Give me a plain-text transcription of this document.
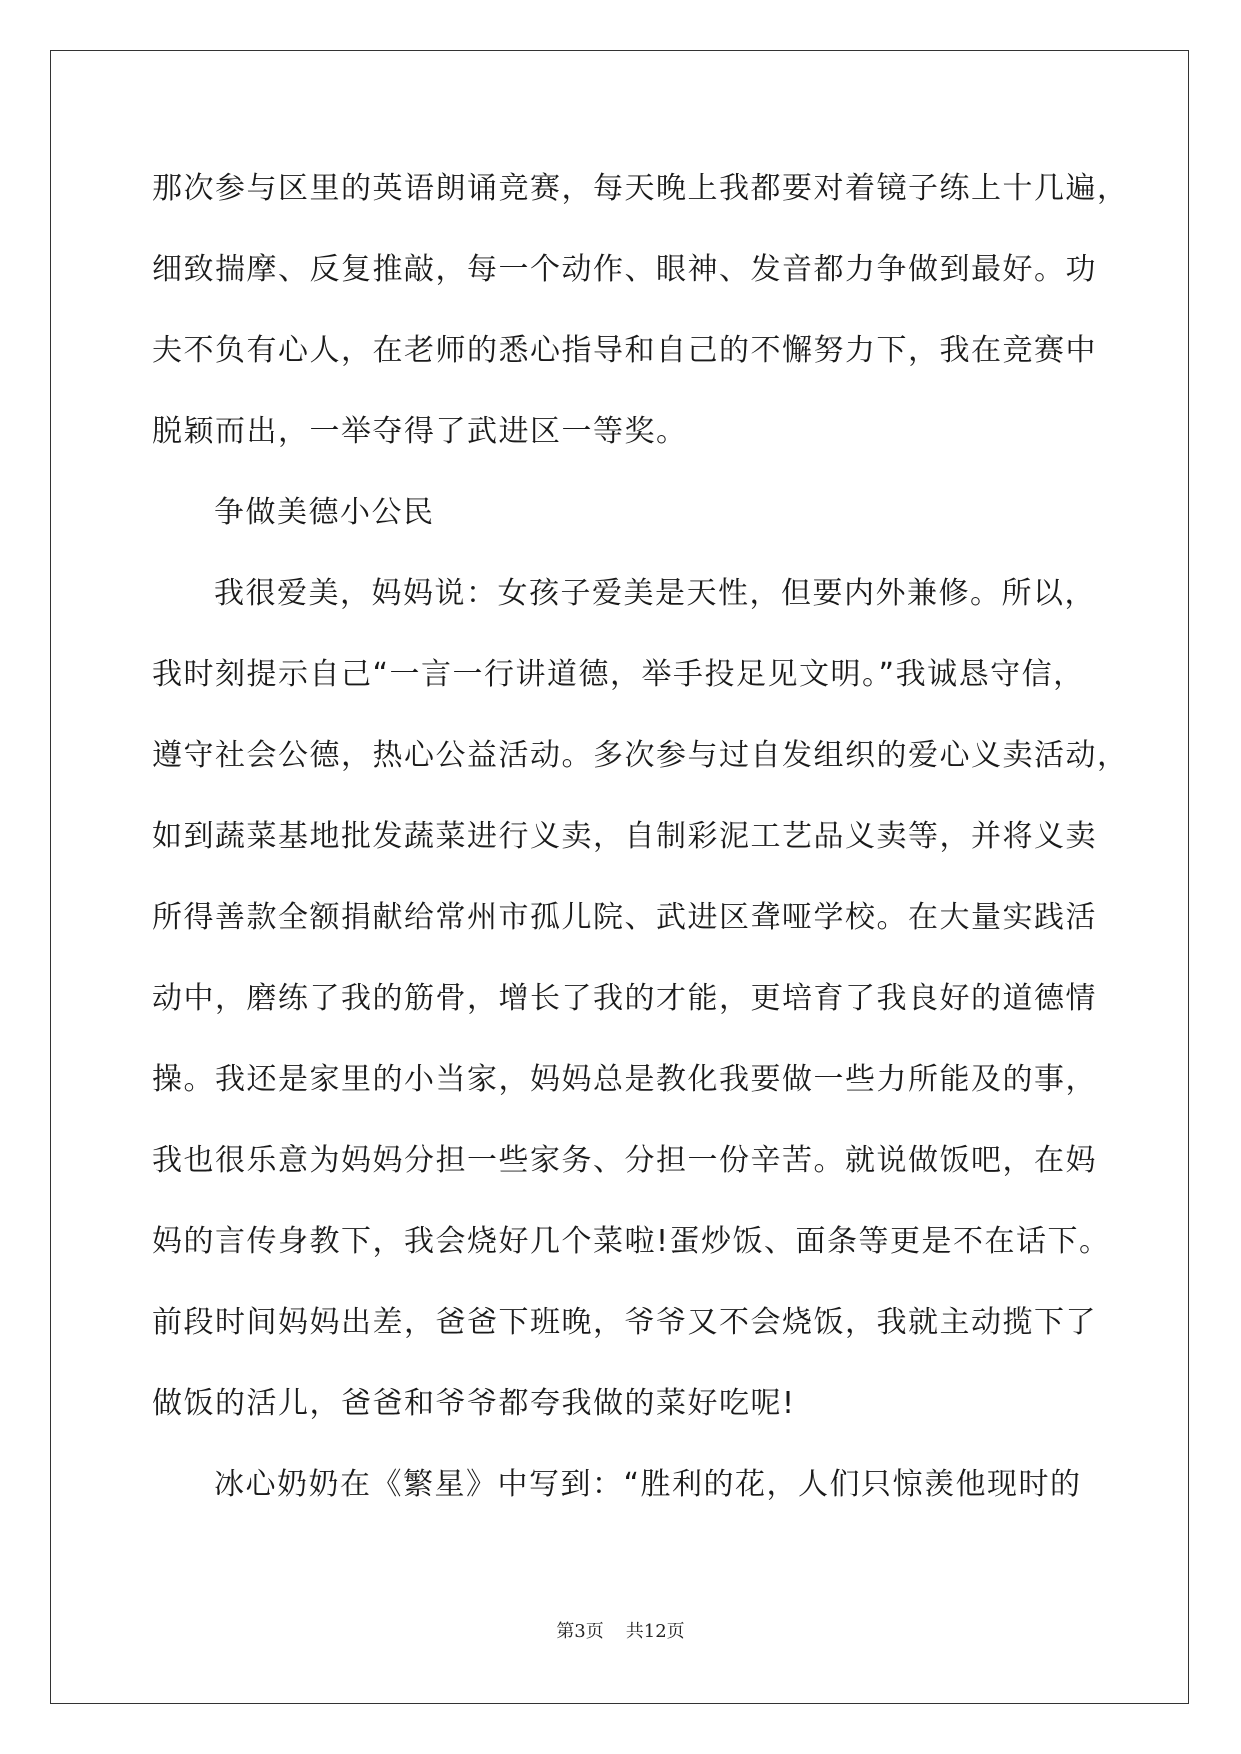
那次参与区里的英语朗诵竞赛，每天晚上我都要对着镜子练上十几遍，
细致揣摩、反复推敲，每一个动作、眼神、发音都力争做到最好。功
夫不负有心人，在老师的悉心指导和自己的不懈努力下，我在竞赛中
脱颖而出，一举夺得了武进区一等奖。
争做美德小公民
我很爱美，妈妈说：女孩子爱美是天性，但要内外兼修。所以，
我时刻提示自己“一言一行讲道德，举手投足见文明。”我诚恳守信，
遵守社会公德，热心公益活动。多次参与过自发组织的爱心义卖活动，
如到蔬菜基地批发蔬菜进行义卖，自制彩泥工艺品义卖等，并将义卖
所得善款全额捐献给常州市孤儿院、武进区聋哑学校。在大量实践活
动中，磨练了我的筋骨，增长了我的才能，更培育了我良好的道德情
操。我还是家里的小当家，妈妈总是教化我要做一些力所能及的事，
我也很乐意为妈妈分担一些家务、分担一份辛苦。就说做饭吧，在妈
妈的言传身教下，我会烧好几个菜啦!蛋炒饭、面条等更是不在话下。
前段时间妈妈出差，爸爸下班晚，爷爷又不会烧饭，我就主动揽下了
做饭的活儿，爸爸和爷爷都夸我做的菜好吃呢!
冰心奶奶在《繁星》中写到：“胜利的花，人们只惊羡他现时的
第3页 共12页
